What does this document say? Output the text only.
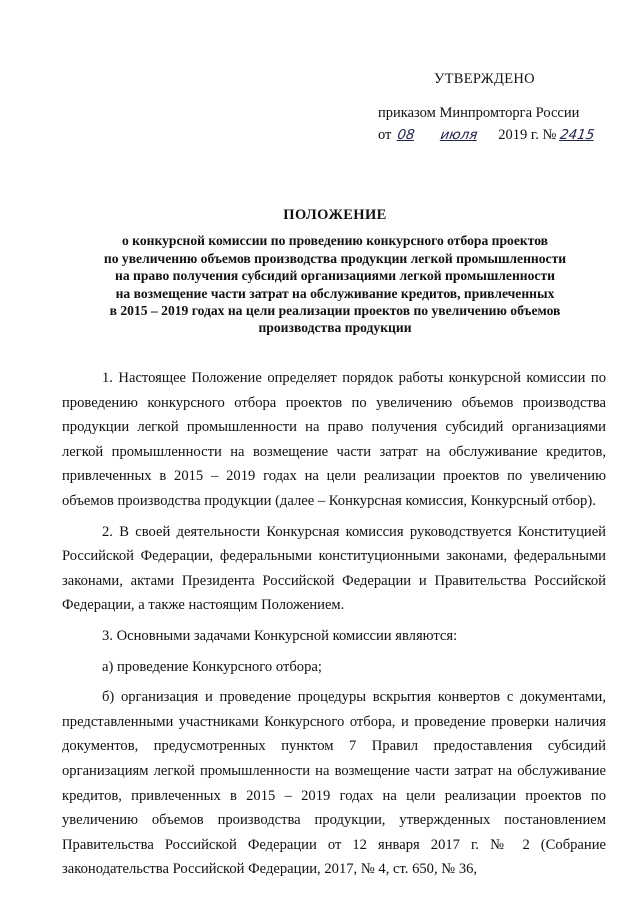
УТВЕРЖДЕНО
приказом Минпромторга России
от 08 июля 2019 г. № 2415
ПОЛОЖЕНИЕ
о конкурсной комиссии по проведению конкурсного отбора проектов
по увеличению объемов производства продукции легкой промышленности
на право получения субсидий организациями легкой промышленности
на возмещение части затрат на обслуживание кредитов, привлеченных
в 2015 – 2019 годах на цели реализации проектов по увеличению объемов
производства продукции

1. Настоящее Положение определяет порядок работы конкурсной комиссии по проведению конкурсного отбора проектов по увеличению объемов производства продукции легкой промышленности на право получения субсидий организациями легкой промышленности на возмещение части затрат на обслуживание кредитов, привлеченных в 2015 – 2019 годах на цели реализации проектов по увеличению объемов производства продукции (далее – Конкурсная комиссия, Конкурсный отбор).

2. В своей деятельности Конкурсная комиссия руководствуется Конституцией Российской Федерации, федеральными конституционными законами, федеральными законами, актами Президента Российской Федерации и Правительства Российской Федерации, а также настоящим Положением.

3. Основными задачами Конкурсной комиссии являются:

а) проведение Конкурсного отбора;

б) организация и проведение процедуры вскрытия конвертов с документами, представленными участниками Конкурсного отбора, и проведение проверки наличия документов, предусмотренных пунктом 7 Правил предоставления субсидий организациям легкой промышленности на возмещение части затрат на обслуживание кредитов, привлеченных в 2015 – 2019 годах на цели реализации проектов по увеличению объемов производства продукции, утвержденных постановлением Правительства Российской Федерации от 12 января 2017 г. № 2 (Собрание законодательства Российской Федерации, 2017, № 4, ст. 650, № 36,
